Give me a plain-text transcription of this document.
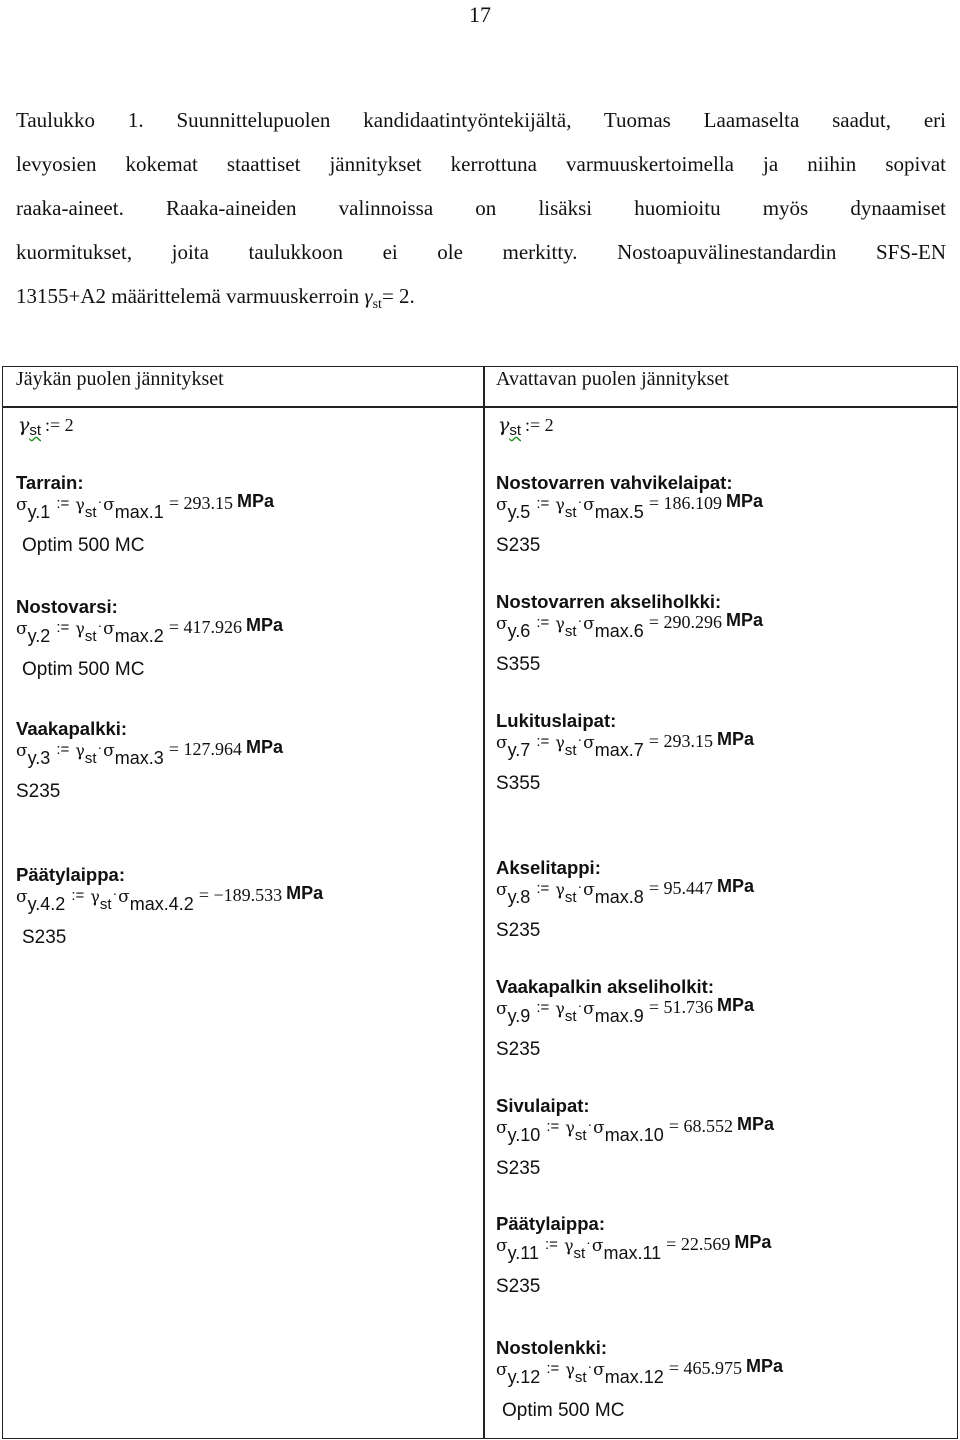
17
Taulukko 1. Suunnittelupuolen kandidaatintyöntekijältä, Tuomas Laamaselta saadut, eri
levyosien kokemat staattiset jännitykset kerrottuna varmuuskertoimella ja niihin sopivat
raaka-aineet. Raaka-aineiden valinnoissa on lisäksi huomioitu myös dynaamiset
kuormitukset, joita taulukkoon ei ole merkitty. Nostoapuvälinestandardin SFS-EN
13155+A2 määrittelemä varmuuskerroin $\gamma_{st}= 2$.
Jäykän puolen jännitykset	Avattavan puolen jännitykset
$\gamma_{st}$ := 2	$\gamma_{st}$ := 2
Tarrain:
σy.1 := γst·σmax.1 = 293.15 MPa
Optim 500 MC
Nostovarsi:
σy.2 := γst·σmax.2 = 417.926 MPa
Optim 500 MC
Vaakapalkki:
σy.3 := γst·σmax.3 = 127.964 MPa
S235
Päätylaippa:
σy.4.2 := γst·σmax.4.2 = −189.533 MPa
S235
Nostovarren vahvikelaipat:
σy.5 := γst·σmax.5 = 186.109 MPa
S235
Nostovarren akseliholkki:
σy.6 := γst·σmax.6 = 290.296 MPa
S355
Lukituslaipat:
σy.7 := γst·σmax.7 = 293.15 MPa
S355
Akselitappi:
σy.8 := γst·σmax.8 = 95.447 MPa
S235
Vaakapalkin akseliholkit:
σy.9 := γst·σmax.9 = 51.736 MPa
S235
Sivulaipat:
σy.10 := γst·σmax.10 = 68.552 MPa
S235
Päätylaippa:
σy.11 := γst·σmax.11 = 22.569 MPa
S235
Nostolenkki:
σy.12 := γst·σmax.12 = 465.975 MPa
Optim 500 MC
